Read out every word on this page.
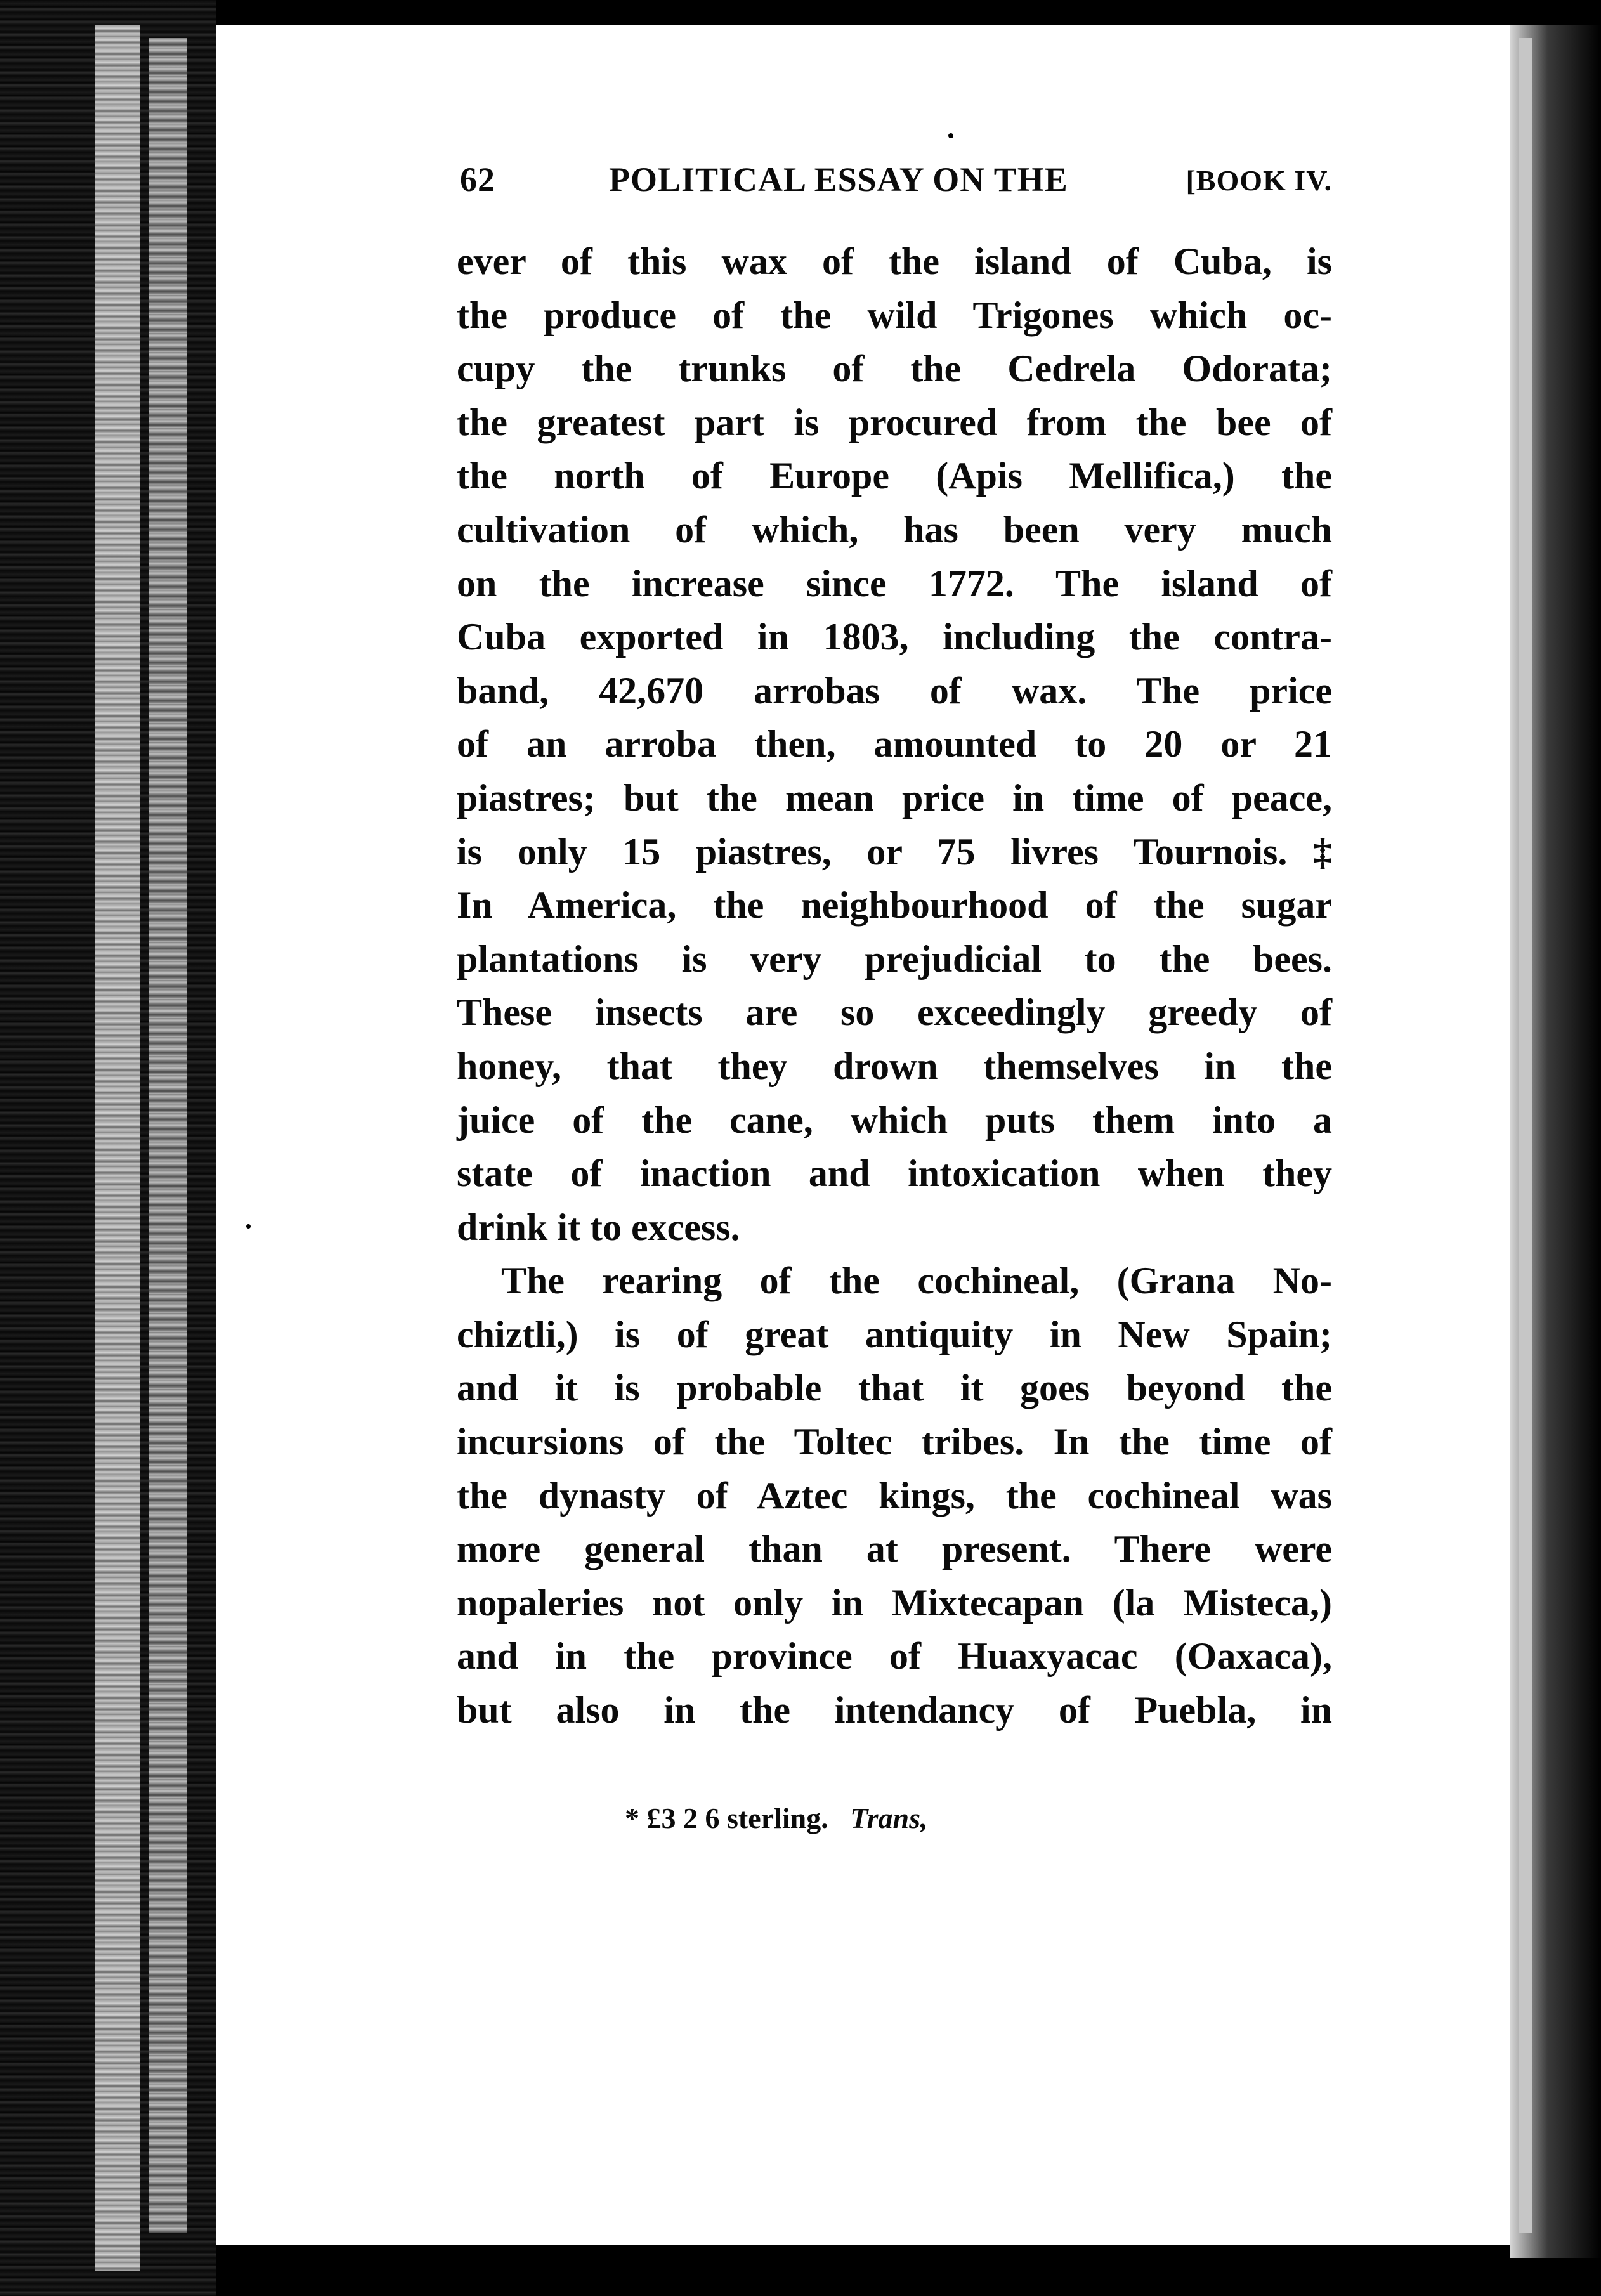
62	POLITICAL ESSAY ON THE	[BOOK IV.
ever of this wax of the island of Cuba, is
the produce of the wild Trigones which oc-
cupy the trunks of the Cedrela Odorata;
the greatest part is procured from the bee of
the north of Europe (Apis Mellifica,) the
cultivation of which, has been very much
on the increase since 1772. The island of
Cuba exported in 1803, including the contra-
band, 42,670 arrobas of wax. The price
of an arroba then, amounted to 20 or 21
piastres; but the mean price in time of peace,
is only 15 piastres, or 75 livres Tournois.‡
In America, the neighbourhood of the sugar
plantations is very prejudicial to the bees.
These insects are so exceedingly greedy of
honey, that they drown themselves in the
juice of the cane, which puts them into a
state of inaction and intoxication when they
drink it to excess.
The rearing of the cochineal, (Grana No-
chiztli,) is of great antiquity in New Spain;
and it is probable that it goes beyond the
incursions of the Toltec tribes. In the time of
the dynasty of Aztec kings, the cochineal was
more general than at present. There were
nopaleries not only in Mixtecapan (la Misteca,)
and in the province of Huaxyacac (Oaxaca),
but also in the intendancy of Puebla, in
* £3 2 6 sterling. Trans,
